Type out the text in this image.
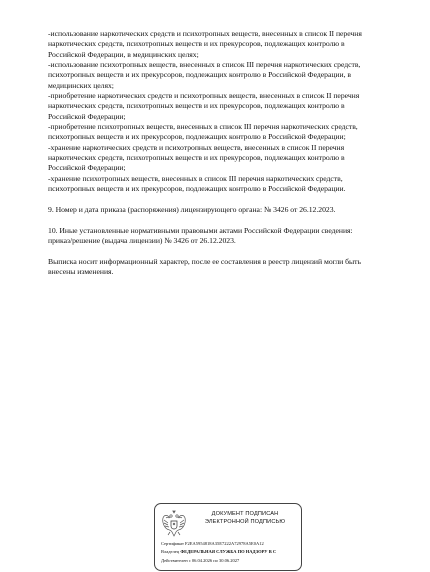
-использование наркотических средств и психотропных веществ, внесенных в список II перечня
наркотических средств, психотропных веществ и их прекурсоров, подлежащих контролю в
Российской Федерации, в медицинских целях;
-использование психотропных веществ, внесенных в список III перечня наркотических средств,
психотропных веществ и их прекурсоров, подлежащих контролю в Российской Федерации, в
медицинских целях;
-приобретение наркотических средств и психотропных веществ, внесенных в список II перечня
наркотических средств, психотропных веществ и их прекурсоров, подлежащих контролю в
Российской Федерации;
-приобретение психотропных веществ, внесенных в список III перечня наркотических средств,
психотропных веществ и их прекурсоров, подлежащих контролю в Российской Федерации;
-хранение наркотических средств и психотропных веществ, внесенных в список II перечня
наркотических средств, психотропных веществ и их прекурсоров, подлежащих контролю в
Российской Федерации;
-хранение психотропных веществ, внесенных в список III перечня наркотических средств,
психотропных веществ и их прекурсоров, подлежащих контролю в Российской Федерации.
9. Номер и дата приказа (распоряжения) лицензирующего органа: № 3426 от 26.12.2023.
10. Иные установленные нормативными правовыми актами Российской Федерации сведения:
приказ/решение (выдача лицензии) № 3426 от 26.12.2023.
Выписка носит информационный характер, после ее составления в реестр лицензий могли быть
внесены изменения.
ДОКУМЕНТ ПОДПИСАН
ЭЛЕКТРОННОЙ ПОДПИСЬЮ
Сертификат F2EA5954818A35E7222A72978A5E0A12
Владелец ФЕДЕРАЛЬНАЯ СЛУЖБА ПО НАДЗОРУ В С
Действителен с 06.04.2026 по 30.06.2027
